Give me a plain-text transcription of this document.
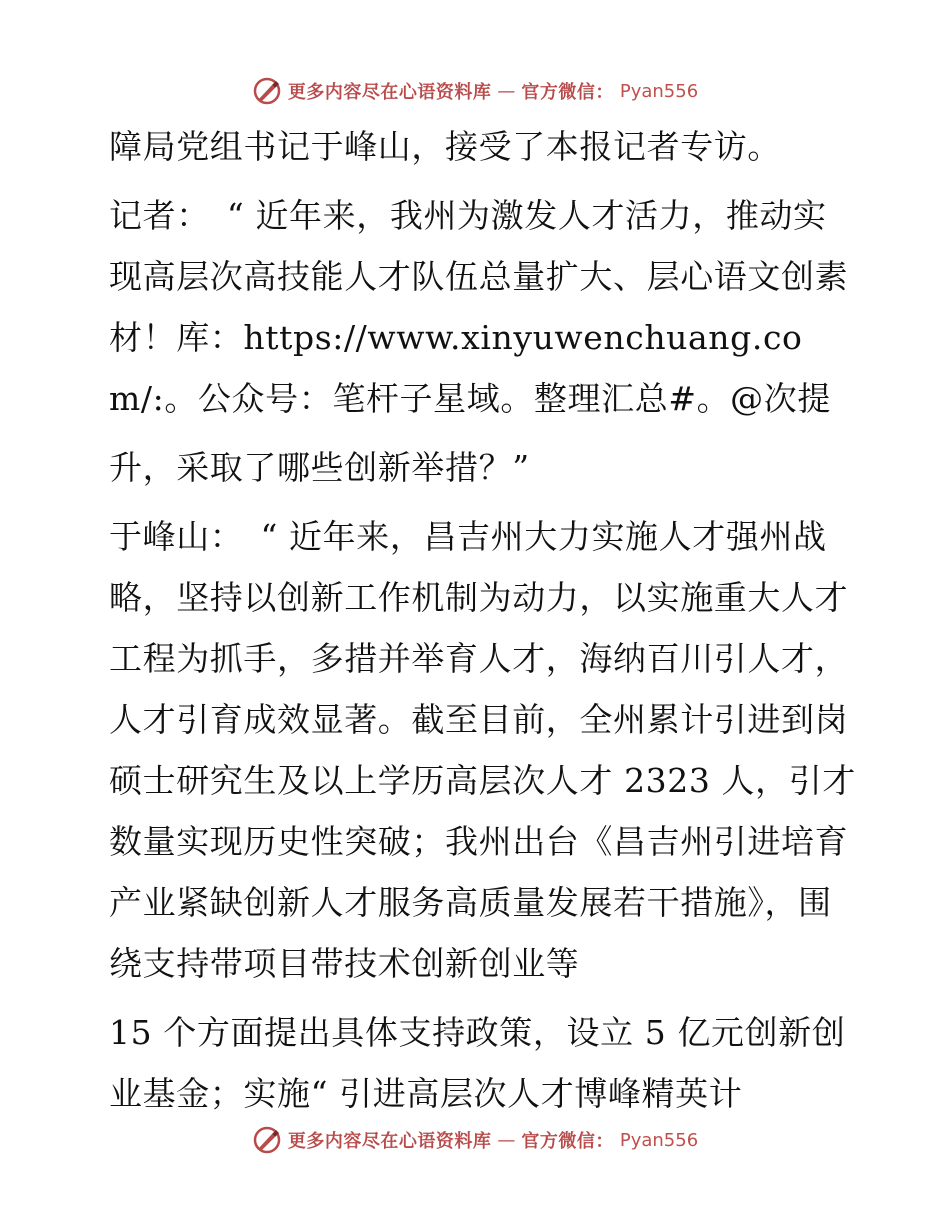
更多内容尽在心语资料库 — 官方微信： Pyan556

障局党组书记于峰山，接受了本报记者专访。

记者：　“ 近年来，我州为激发人才活力，推动实现高层次高技能人才队伍总量扩大、层心语文创素材！库：https://www.xinyuwenchuang.com/:。公众号：笔杆子星域。整理汇总#。@次提

升，采取了哪些创新举措？”

于峰山：　“ 近年来，昌吉州大力实施人才强州战略，坚持以创新工作机制为动力，以实施重大人才工程为抓手，多措并举育人才，海纳百川引人才，人才引育成效显著。截至目前，全州累计引进到岗硕士研究生及以上学历高层次人才 2323 人，引才数量实现历史性突破；我州出台《昌吉州引进培育产业紧缺创新人才服务高质量发展若干措施》，围绕支持带项目带技术创新创业等

15 个方面提出具体支持政策，设立 5 亿元创新创业基金；实施“ 引进高层次人才博峰精英计

更多内容尽在心语资料库 — 官方微信： Pyan556
